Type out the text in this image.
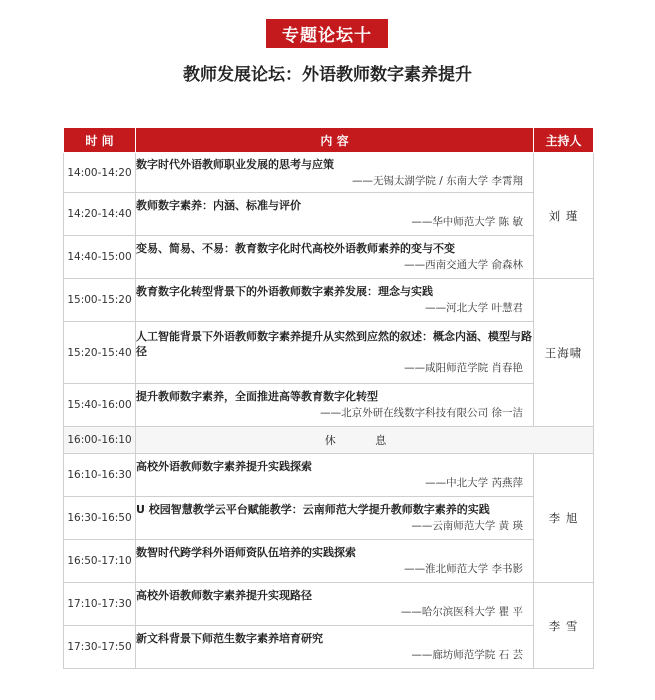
专题论坛十
教师发展论坛：外语教师数字素养提升
时 间	内 容	主持人
14:00-14:20	数字时代外语教师职业发展的思考与应策
——无锡太湖学院 / 东南大学 李霄翔	刘 瑾
14:20-14:40	教师数字素养：内涵、标准与评价
——华中师范大学 陈 敏	

14:40-15:00	变易、简易、不易：教育数字化时代高校外语教师素养的变与不变
——西南交通大学 俞森林	

15:00-15:20	教育数字化转型背景下的外语教师数字素养发展：理念与实践
——河北大学 叶慧君	王海啸
15:20-15:40	人工智能背景下外语教师数字素养提升从实然到应然的叙述：概念内涵、模型与路径
——咸阳师范学院 肖春艳	

15:40-16:00	提升教师数字素养，全面推进高等教育数字化转型
——北京外研在线数字科技有限公司 徐一洁	

16:00-16:10	休 息	
16:10-16:30	高校外语教师数字素养提升实践探索
——中北大学 芮燕萍	李 旭
16:30-16:50	U 校园智慧教学云平台赋能教学：云南师范大学提升教师数字素养的实践
——云南师范大学 黄 瑛	

16:50-17:10	数智时代跨学科外语师资队伍培养的实践探索
——淮北师范大学 李书影	

17:10-17:30	高校外语教师数字素养提升实现路径
——哈尔滨医科大学 瞿 平	李 雪
17:30-17:50	新文科背景下师范生数字素养培育研究
——廊坊师范学院 石 芸	
